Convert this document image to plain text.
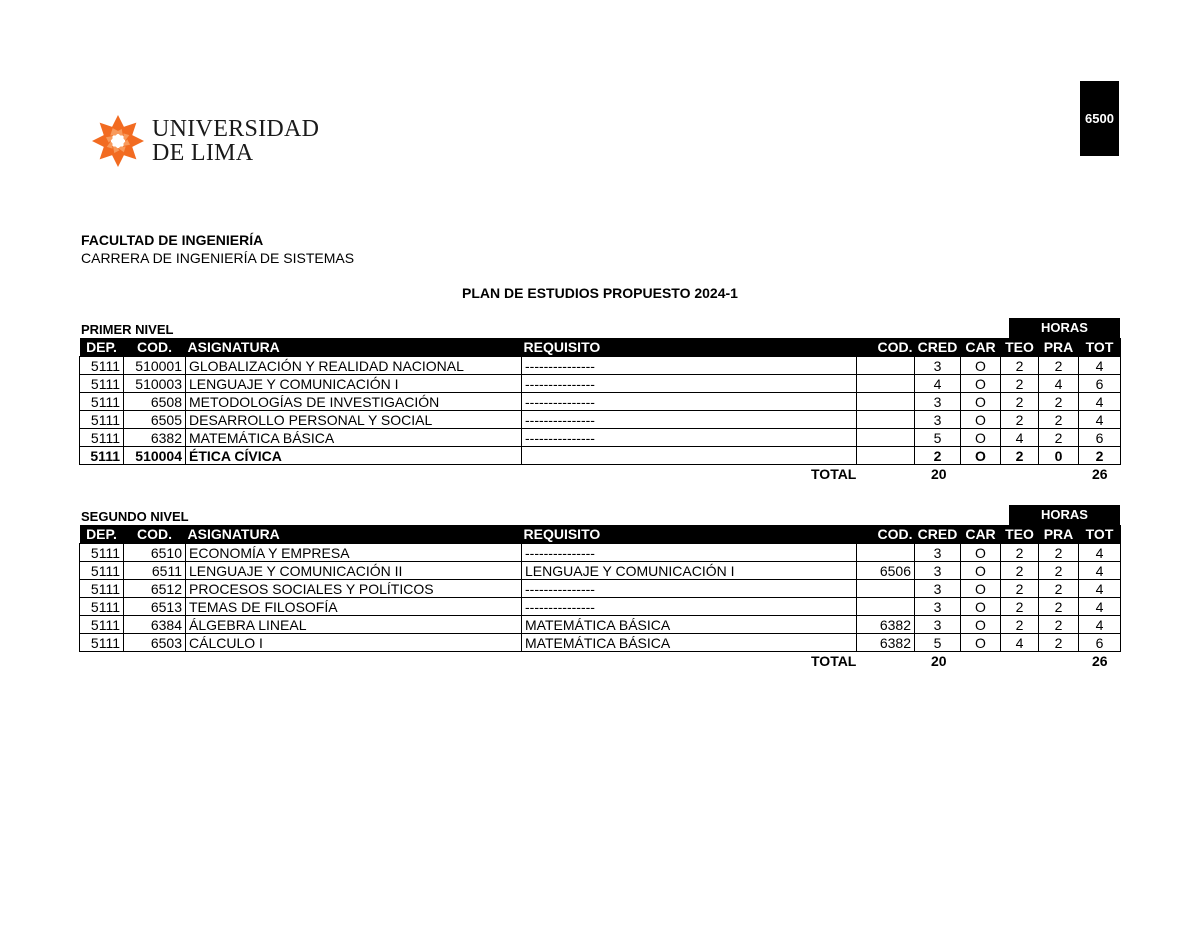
UNIVERSIDAD
DE LIMA
6500
FACULTAD DE INGENIERÍA
CARRERA DE INGENIERÍA DE SISTEMAS
PLAN DE ESTUDIOS PROPUESTO 2024-1
PRIMER NIVEL	HORAS
DEP.	COD.	ASIGNATURA	REQUISITO	COD.	CRED	CAR	TEO	PRA	TOT
5111	510001	GLOBALIZACIÓN Y REALIDAD NACIONAL	---------------		3	O	2	2	4
5111	510003	LENGUAJE Y COMUNICACIÓN I	---------------		4	O	2	4	6
5111	6508	METODOLOGÍAS DE INVESTIGACIÓN	---------------		3	O	2	2	4
5111	6505	DESARROLLO PERSONAL Y SOCIAL	---------------		3	O	2	2	4
5111	6382	MATEMÁTICA BÁSICA	---------------		5	O	4	2	6
5111	510004	ÉTICA CÍVICA			2	O	2	0	2
TOTAL	20	26
SEGUNDO NIVEL	HORAS
DEP.	COD.	ASIGNATURA	REQUISITO	COD.	CRED	CAR	TEO	PRA	TOT
5111	6510	ECONOMÍA Y EMPRESA	---------------		3	O	2	2	4
5111	6511	LENGUAJE Y COMUNICACIÓN II	LENGUAJE Y COMUNICACIÓN I	6506	3	O	2	2	4
5111	6512	PROCESOS SOCIALES Y POLÍTICOS	---------------		3	O	2	2	4
5111	6513	TEMAS DE FILOSOFÍA	---------------		3	O	2	2	4
5111	6384	ÁLGEBRA LINEAL	MATEMÁTICA BÁSICA	6382	3	O	2	2	4
5111	6503	CÁLCULO I	MATEMÁTICA BÁSICA	6382	5	O	4	2	6
TOTAL	20	26
